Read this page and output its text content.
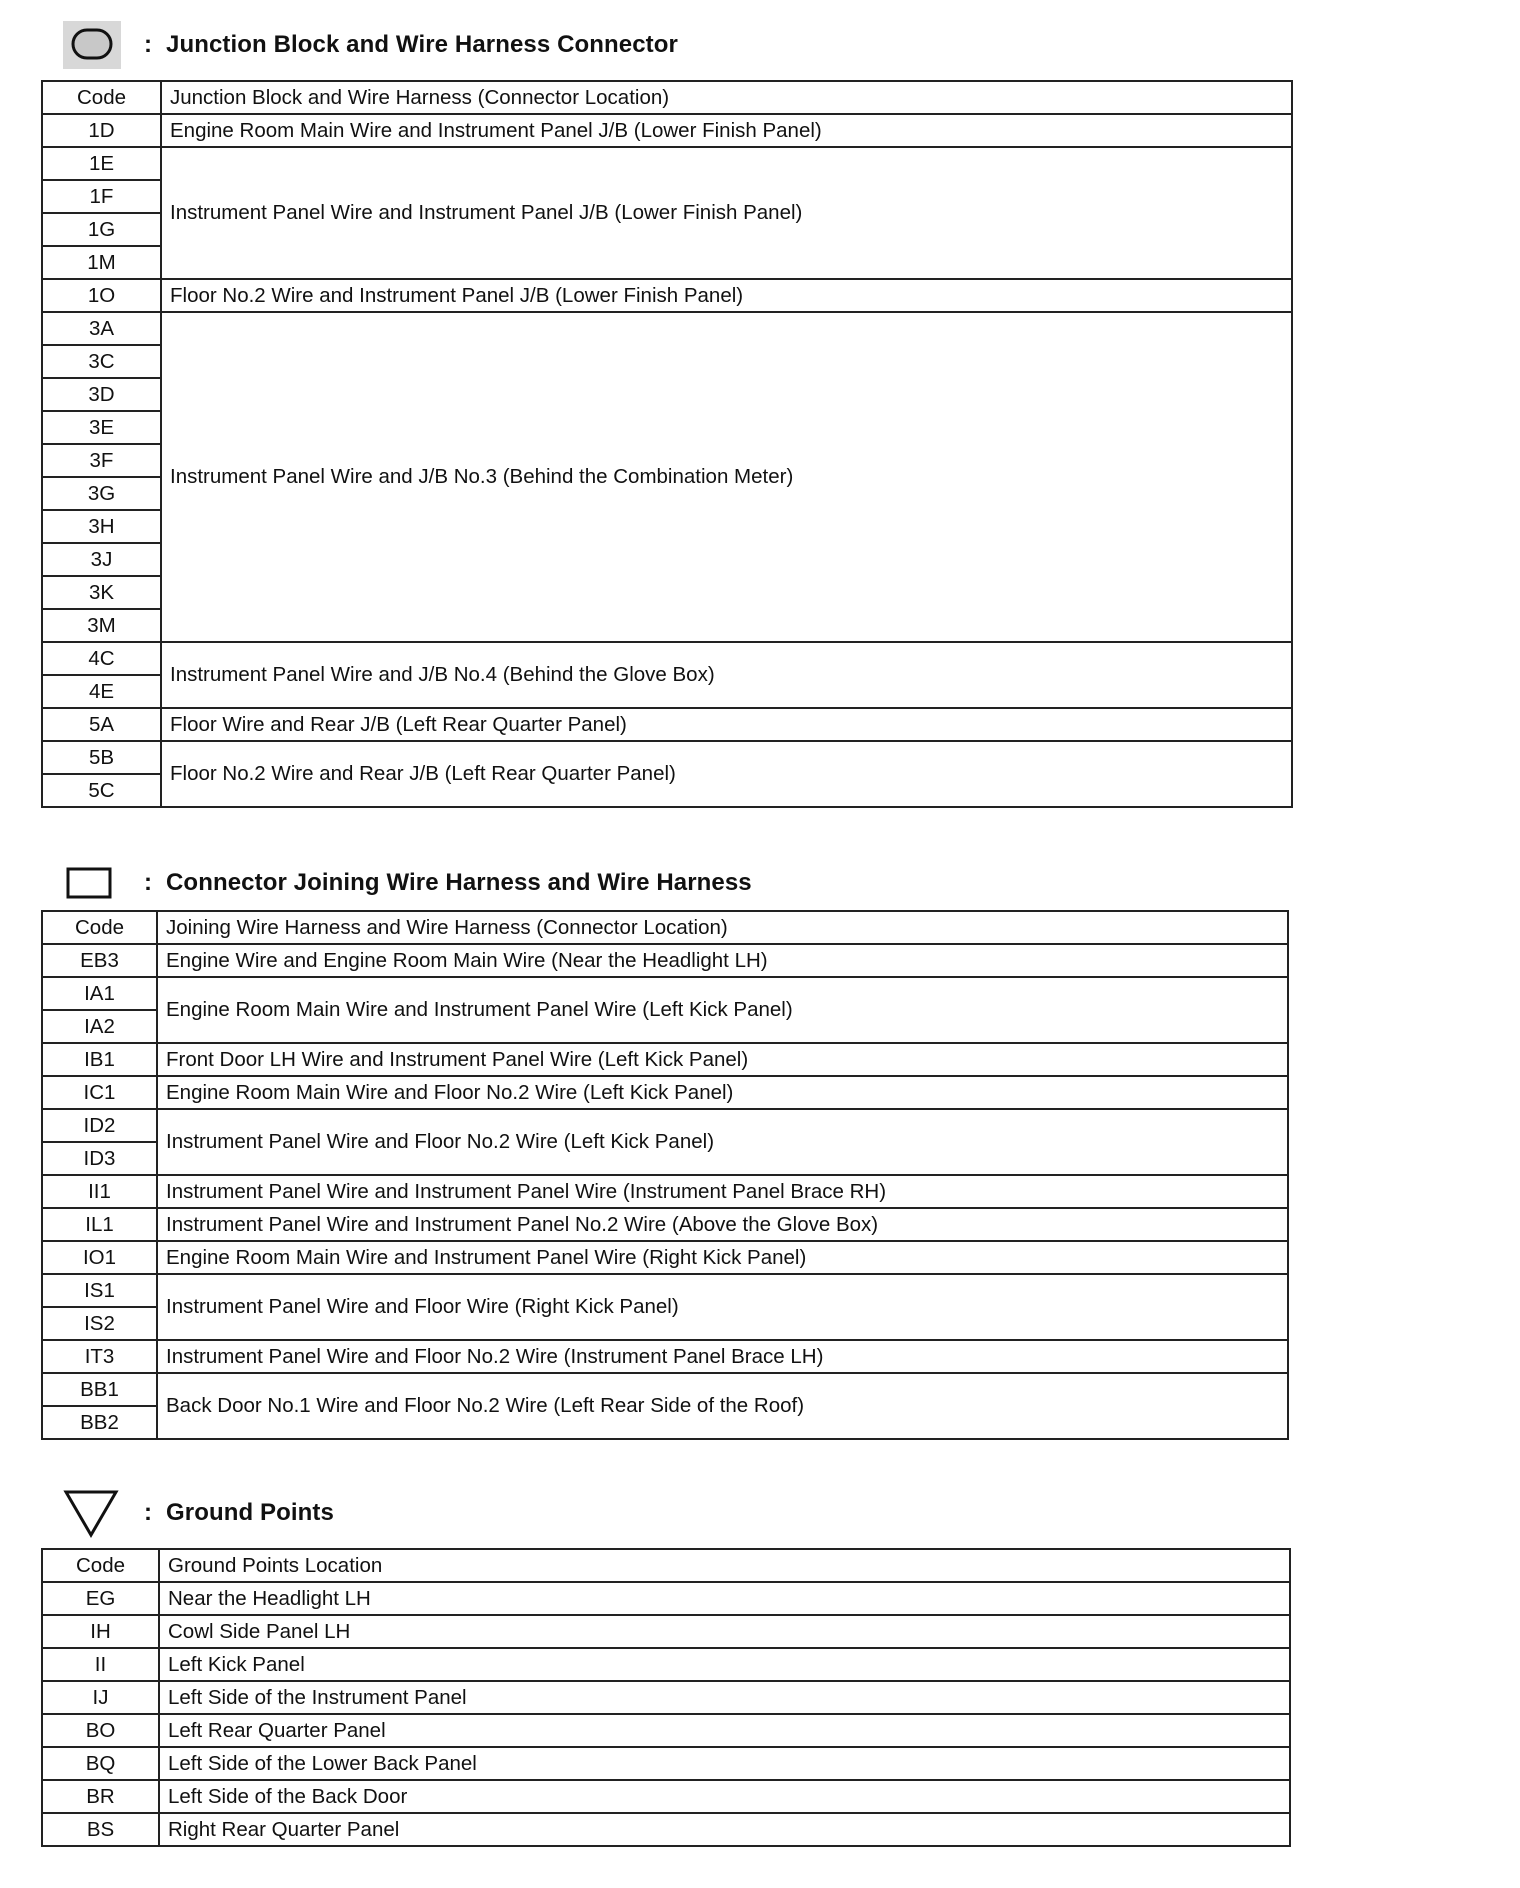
: Junction Block and Wire Harness Connector
Code	Junction Block and Wire Harness (Connector Location)
1D	Engine Room Main Wire and Instrument Panel J/B (Lower Finish Panel)
1E	Instrument Panel Wire and Instrument Panel J/B (Lower Finish Panel)
1F	
1G	
1M	
1O	Floor No.2 Wire and Instrument Panel J/B (Lower Finish Panel)
3A	Instrument Panel Wire and J/B No.3 (Behind the Combination Meter)
3C	
3D	
3E	
3F	
3G	
3H	
3J	
3K	
3M	
4C	Instrument Panel Wire and J/B No.4 (Behind the Glove Box)
4E	
5A	Floor Wire and Rear J/B (Left Rear Quarter Panel)
5B	Floor No.2 Wire and Rear J/B (Left Rear Quarter Panel)
5C	
: Connector Joining Wire Harness and Wire Harness
Code	Joining Wire Harness and Wire Harness (Connector Location)
EB3	Engine Wire and Engine Room Main Wire (Near the Headlight LH)
IA1	Engine Room Main Wire and Instrument Panel Wire (Left Kick Panel)
IA2	
IB1	Front Door LH Wire and Instrument Panel Wire (Left Kick Panel)
IC1	Engine Room Main Wire and Floor No.2 Wire (Left Kick Panel)
ID2	Instrument Panel Wire and Floor No.2 Wire (Left Kick Panel)
ID3	
II1	Instrument Panel Wire and Instrument Panel Wire (Instrument Panel Brace RH)
IL1	Instrument Panel Wire and Instrument Panel No.2 Wire (Above the Glove Box)
IO1	Engine Room Main Wire and Instrument Panel Wire (Right Kick Panel)
IS1	Instrument Panel Wire and Floor Wire (Right Kick Panel)
IS2	
IT3	Instrument Panel Wire and Floor No.2 Wire (Instrument Panel Brace LH)
BB1	Back Door No.1 Wire and Floor No.2 Wire (Left Rear Side of the Roof)
BB2	
: Ground Points
Code	Ground Points Location
EG	Near the Headlight LH
IH	Cowl Side Panel LH
II	Left Kick Panel
IJ	Left Side of the Instrument Panel
BO	Left Rear Quarter Panel
BQ	Left Side of the Lower Back Panel
BR	Left Side of the Back Door
BS	Right Rear Quarter Panel
